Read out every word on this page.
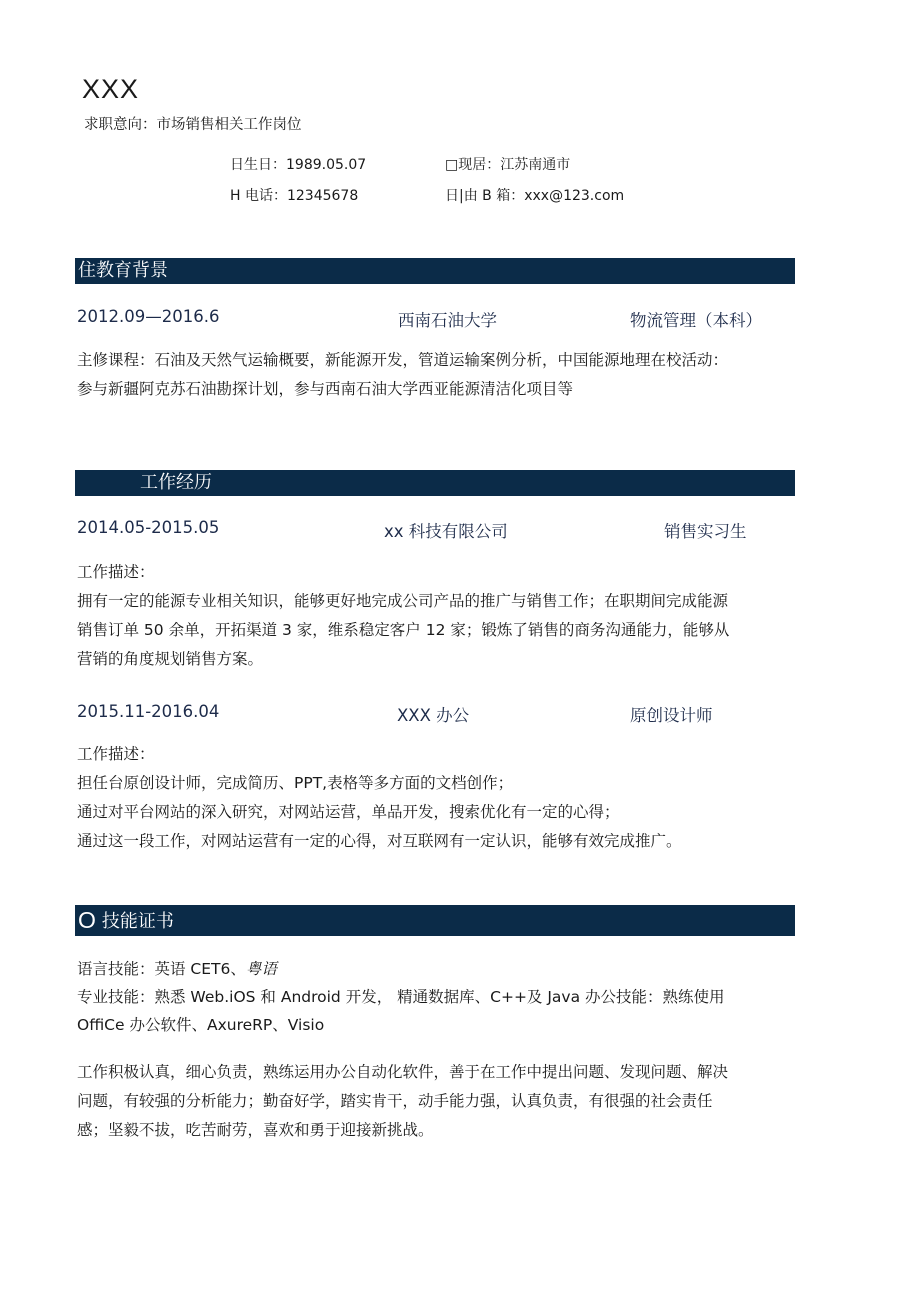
XXX
求职意向：市场销售相关工作岗位
日生日：1989.05.07	□现居：江苏南通市
H 电话：12345678	日|由 B 箱：xxx@123.com
住教育背景
2012.09—2016.6	西南石油大学	物流管理（本科）

主修课程：石油及天然气运输概要，新能源开发，管道运输案例分析，中国能源地理在校活动：

参与新疆阿克苏石油勘探计划，参与西南石油大学西亚能源清洁化项目等

工作经历
2014.05-2015.05	xx 科技有限公司	销售实习生

工作描述：

拥有一定的能源专业相关知识，能够更好地完成公司产品的推广与销售工作；在职期间完成能源

销售订单 50 余单，开拓渠道 3 家，维系稳定客户 12 家；锻炼了销售的商务沟通能力，能够从

营销的角度规划销售方案。

2015.11-2016.04	XXX 办公	原创设计师

工作描述：

担任台原创设计师，完成简历、PPT,表格等多方面的文档创作；

通过对平台网站的深入研究，对网站运营，单品开发，搜索优化有一定的心得；

通过这一段工作，对网站运营有一定的心得，对互联网有一定认识，能够有效完成推广。

O 技能证书

语言技能：英语 CET6、粤语

专业技能：熟悉 Web.iOS 和 Android 开发， 精通数据库、C++及 Java 办公技能：熟练使用

OffiCe 办公软件、AxureRP、Visio

工作积极认真，细心负责，熟练运用办公自动化软件，善于在工作中提出问题、发现问题、解决

问题，有较强的分析能力；勤奋好学，踏实肯干，动手能力强，认真负责，有很强的社会责任

感；坚毅不拔，吃苦耐劳，喜欢和勇于迎接新挑战。
